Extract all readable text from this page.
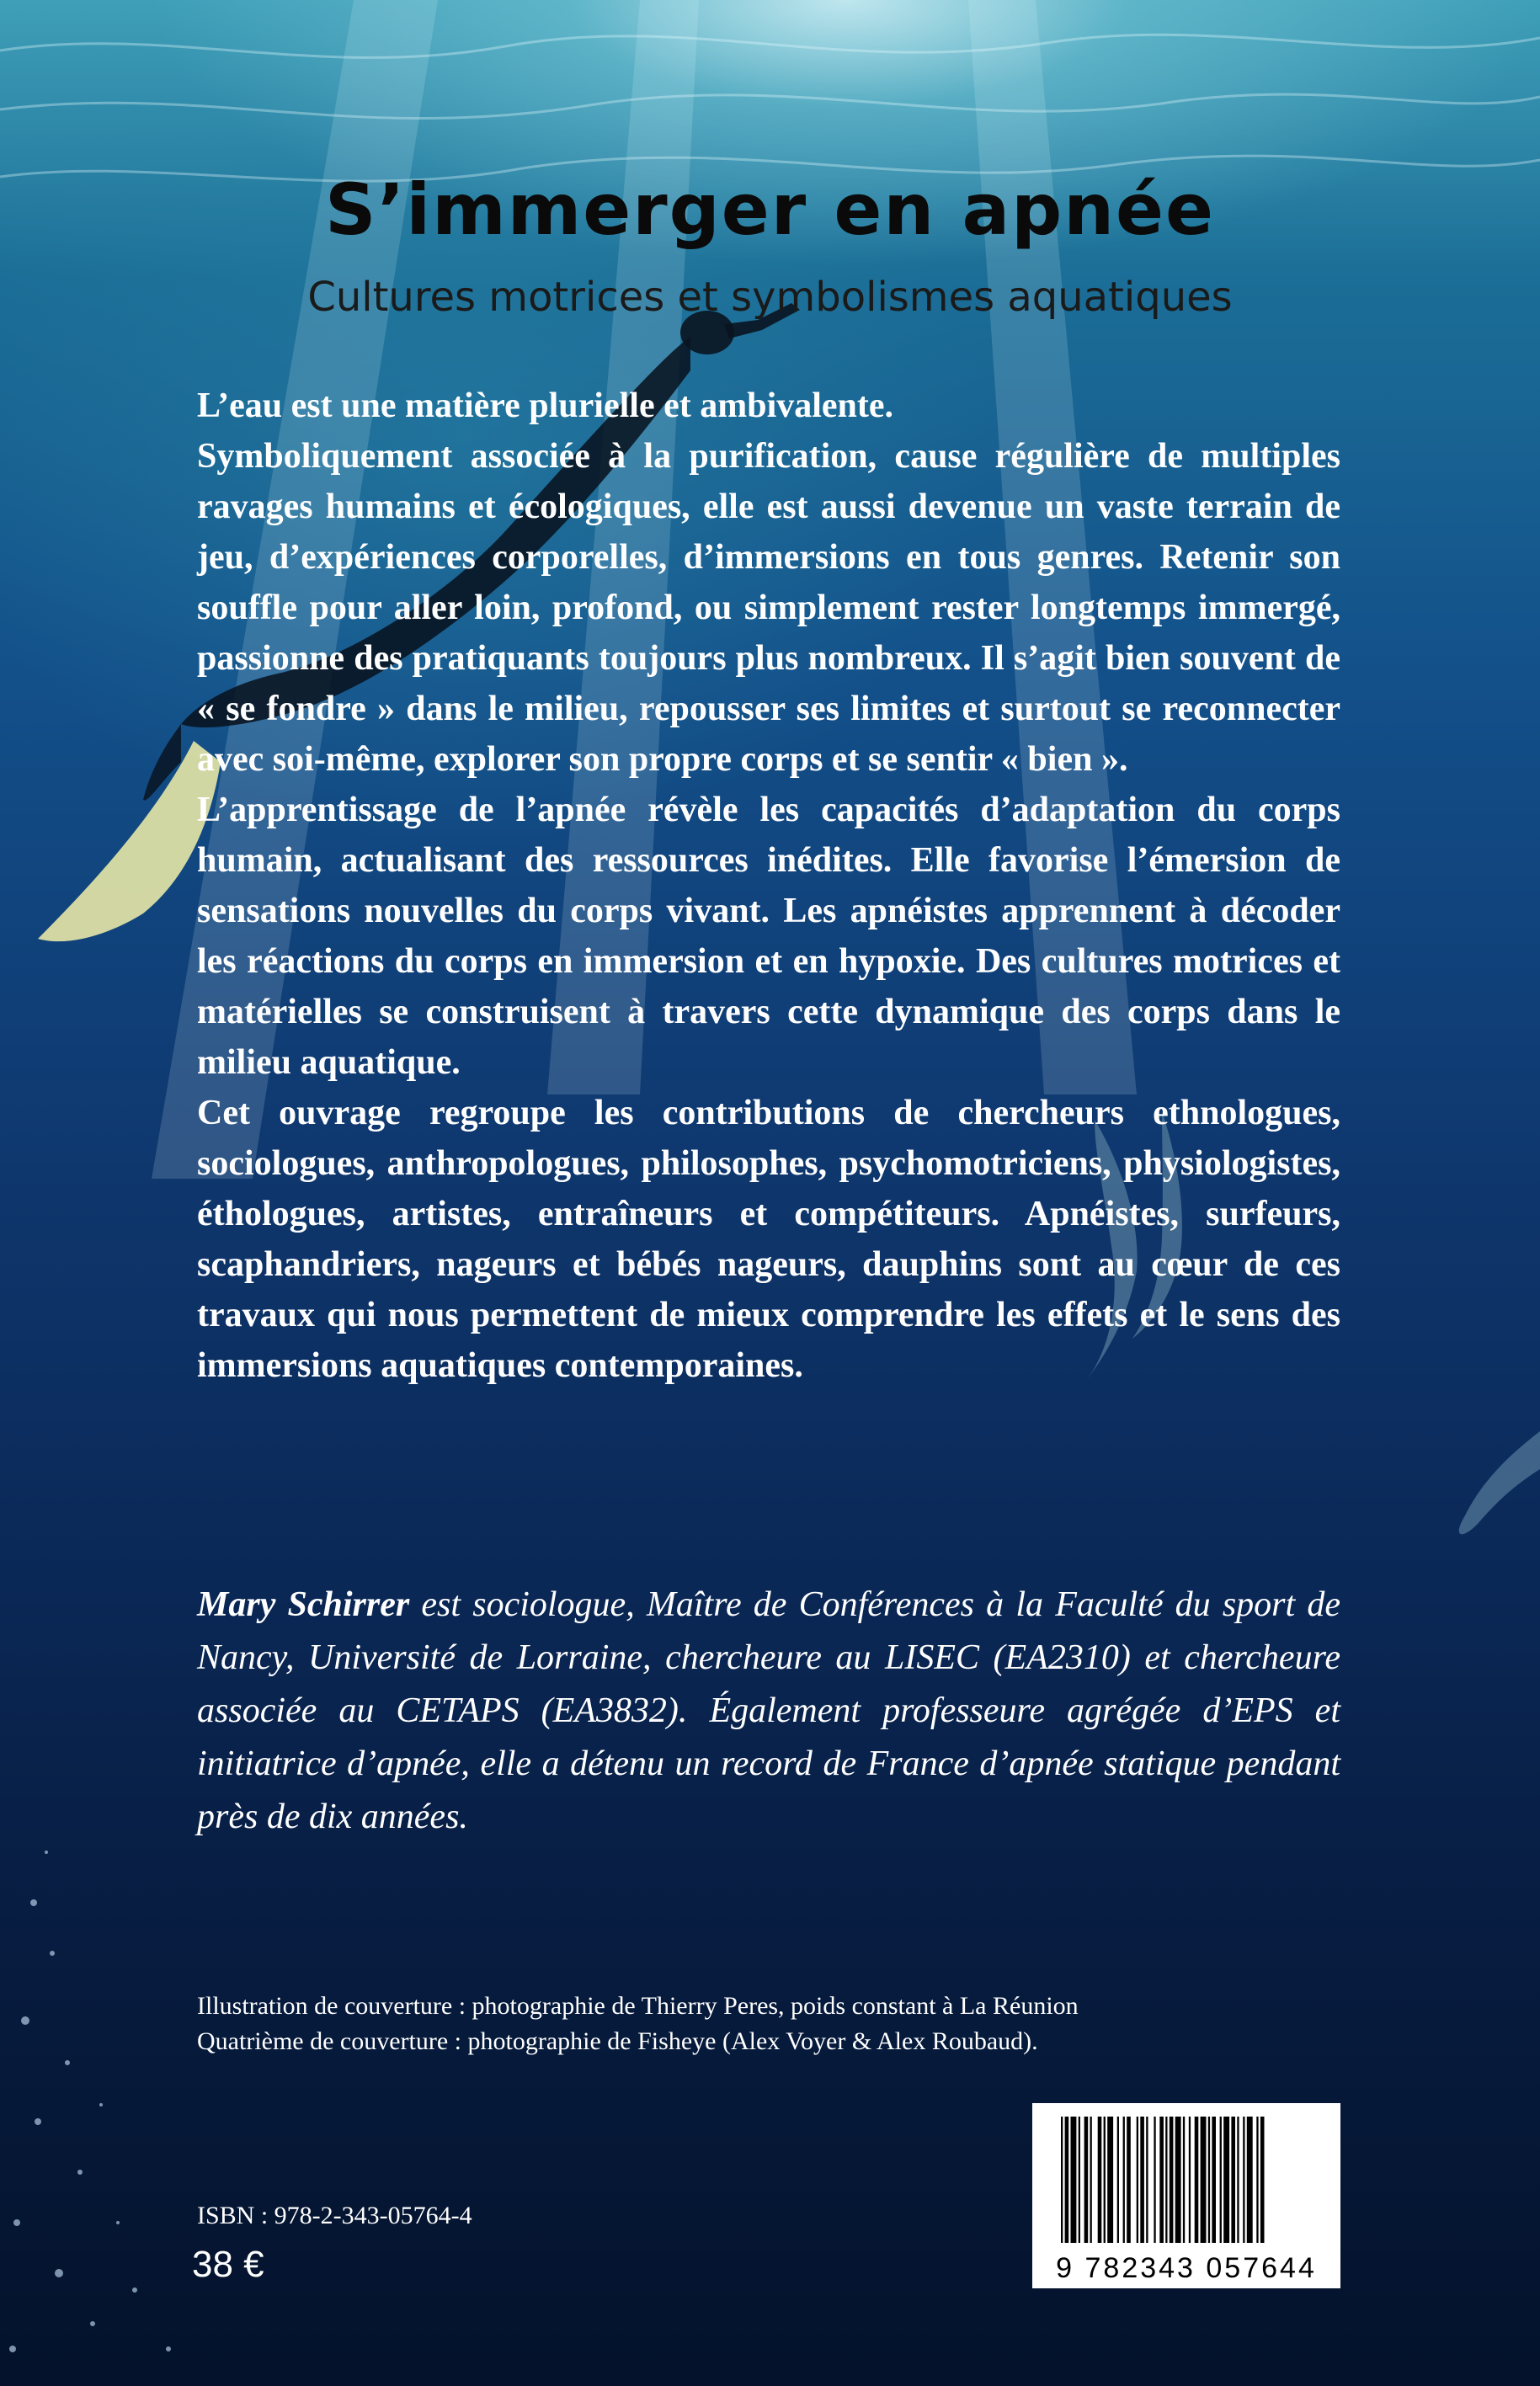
S’immerger en apnée
Cultures motrices et symbolismes aquatiques

L’eau est une matière plurielle et ambivalente.

Symboliquement associée à la purification, cause régulière de multiples ravages humains et écologiques, elle est aussi devenue un vaste terrain de jeu, d’expériences corporelles, d’immersions en tous genres. Retenir son souffle pour aller loin, profond, ou simplement rester longtemps immergé, passionne des pratiquants toujours plus nombreux. Il s’agit bien souvent de « se fondre » dans le milieu, repousser ses limites et surtout se reconnecter avec soi-même, explorer son propre corps et se sentir « bien ».

L’apprentissage de l’apnée révèle les capacités d’adaptation du corps humain, actualisant des ressources inédites. Elle favorise l’émersion de sensations nouvelles du corps vivant. Les apnéistes apprennent à décoder les réactions du corps en immersion et en hypoxie. Des cultures motrices et matérielles se construisent à travers cette dynamique des corps dans le milieu aquatique.

Cet ouvrage regroupe les contributions de chercheurs ethnologues, sociologues, anthropologues, philosophes, psychomotriciens, physiologistes, éthologues, artistes, entraîneurs et compétiteurs. Apnéistes, surfeurs, scaphandriers, nageurs et bébés nageurs, dauphins sont au cœur de ces travaux qui nous permettent de mieux comprendre les effets et le sens des immersions aquatiques contemporaines.

Mary Schirrer est sociologue, Maître de Conférences à la Faculté du sport de Nancy, Université de Lorraine, chercheure au LISEC (EA2310) et chercheure associée au CETAPS (EA3832). Également professeure agrégée d’EPS et initiatrice d’apnée, elle a détenu un record de France d’apnée statique pendant près de dix années.

Illustration de couverture : photographie de Thierry Peres, poids constant à La Réunion
Quatrième de couverture : photographie de Fisheye (Alex Voyer & Alex Roubaud).
ISBN : 978-2-343-05764-4
38 €	9 782343 057644
